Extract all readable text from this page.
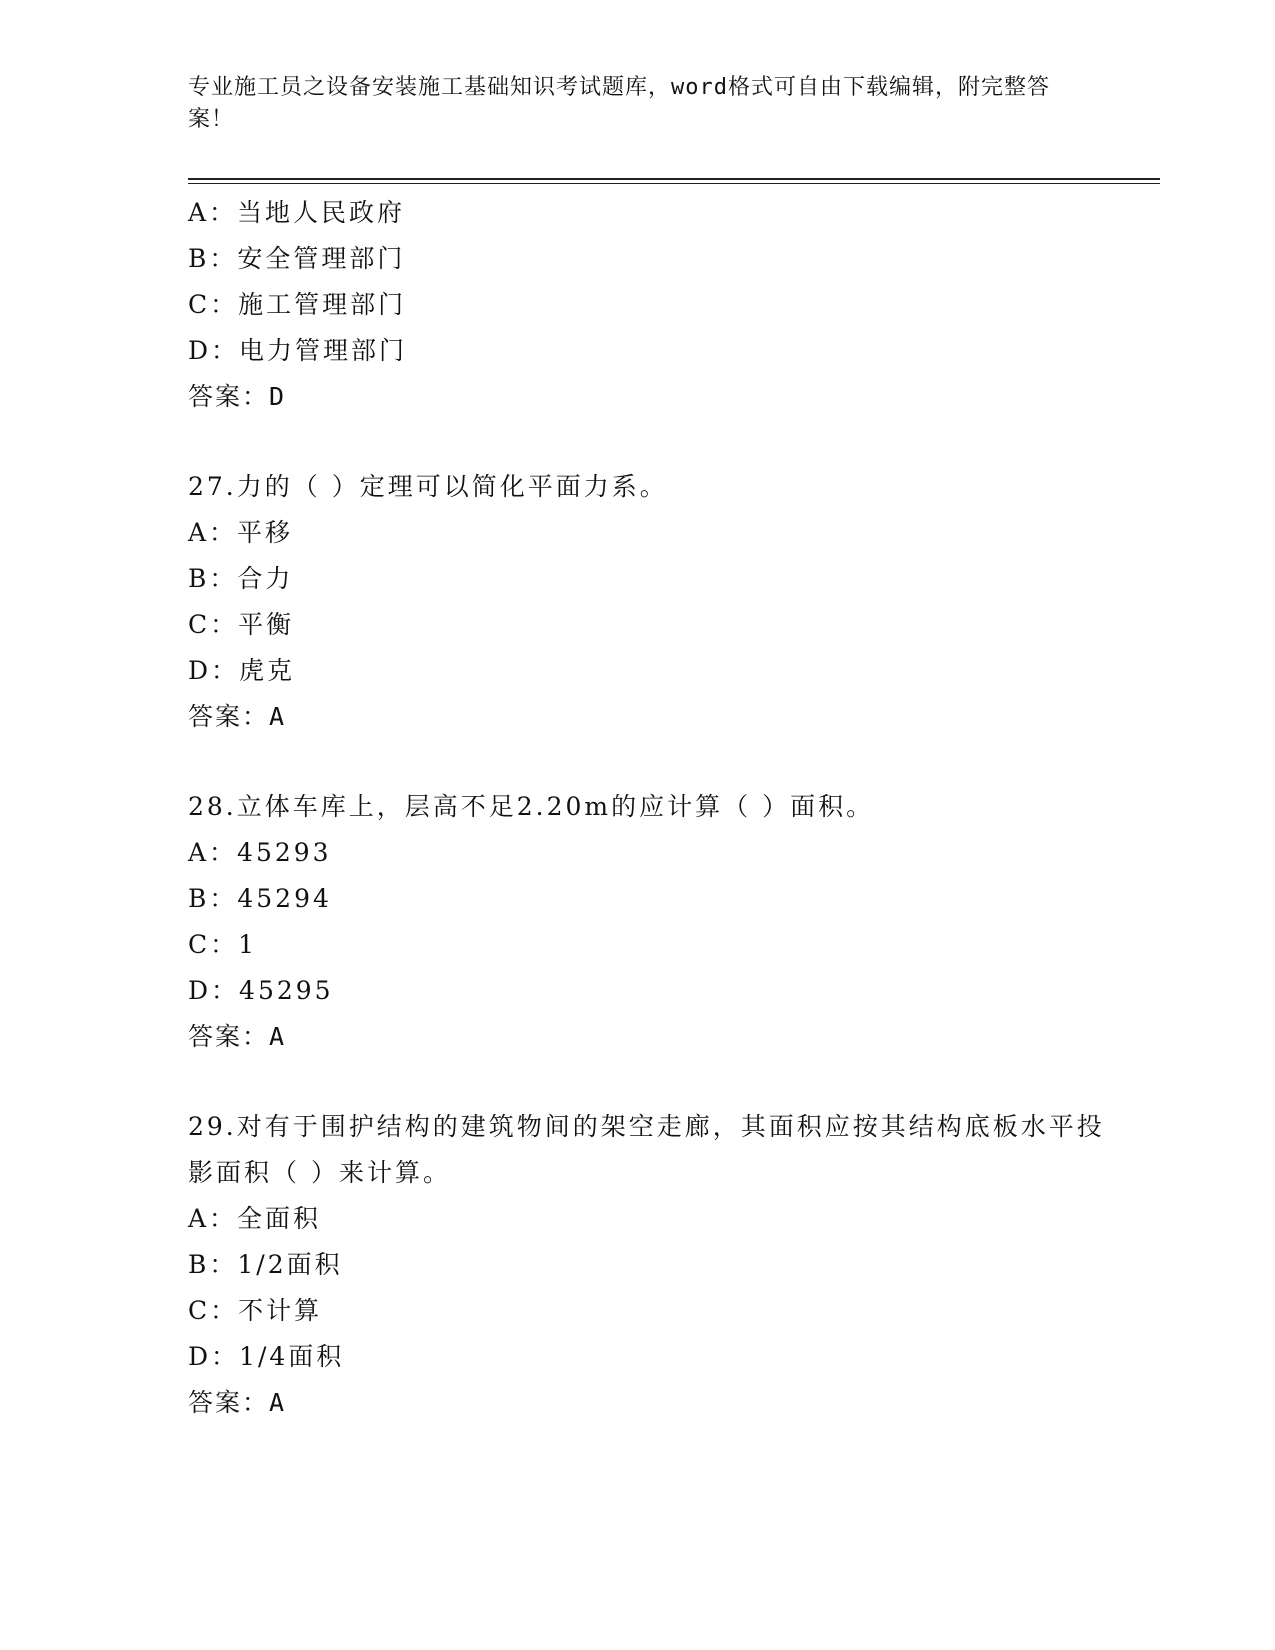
专业施工员之设备安装施工基础知识考试题库，word格式可自由下载编辑，附完整答案！
A：当地人民政府
B：安全管理部门
C：施工管理部门
D：电力管理部门
答案：D
27.力的（ ）定理可以简化平面力系。
A：平移
B：合力
C：平衡
D：虎克
答案：A
28.立体车库上，层高不足2.20m的应计算（ ）面积。
A：45293
B：45294
C：1
D：45295
答案：A
29.对有于围护结构的建筑物间的架空走廊，其面积应按其结构底板水平投影面积（ ）来计算。
A：全面积
B：1/2面积
C：不计算
D：1/4面积
答案：A
